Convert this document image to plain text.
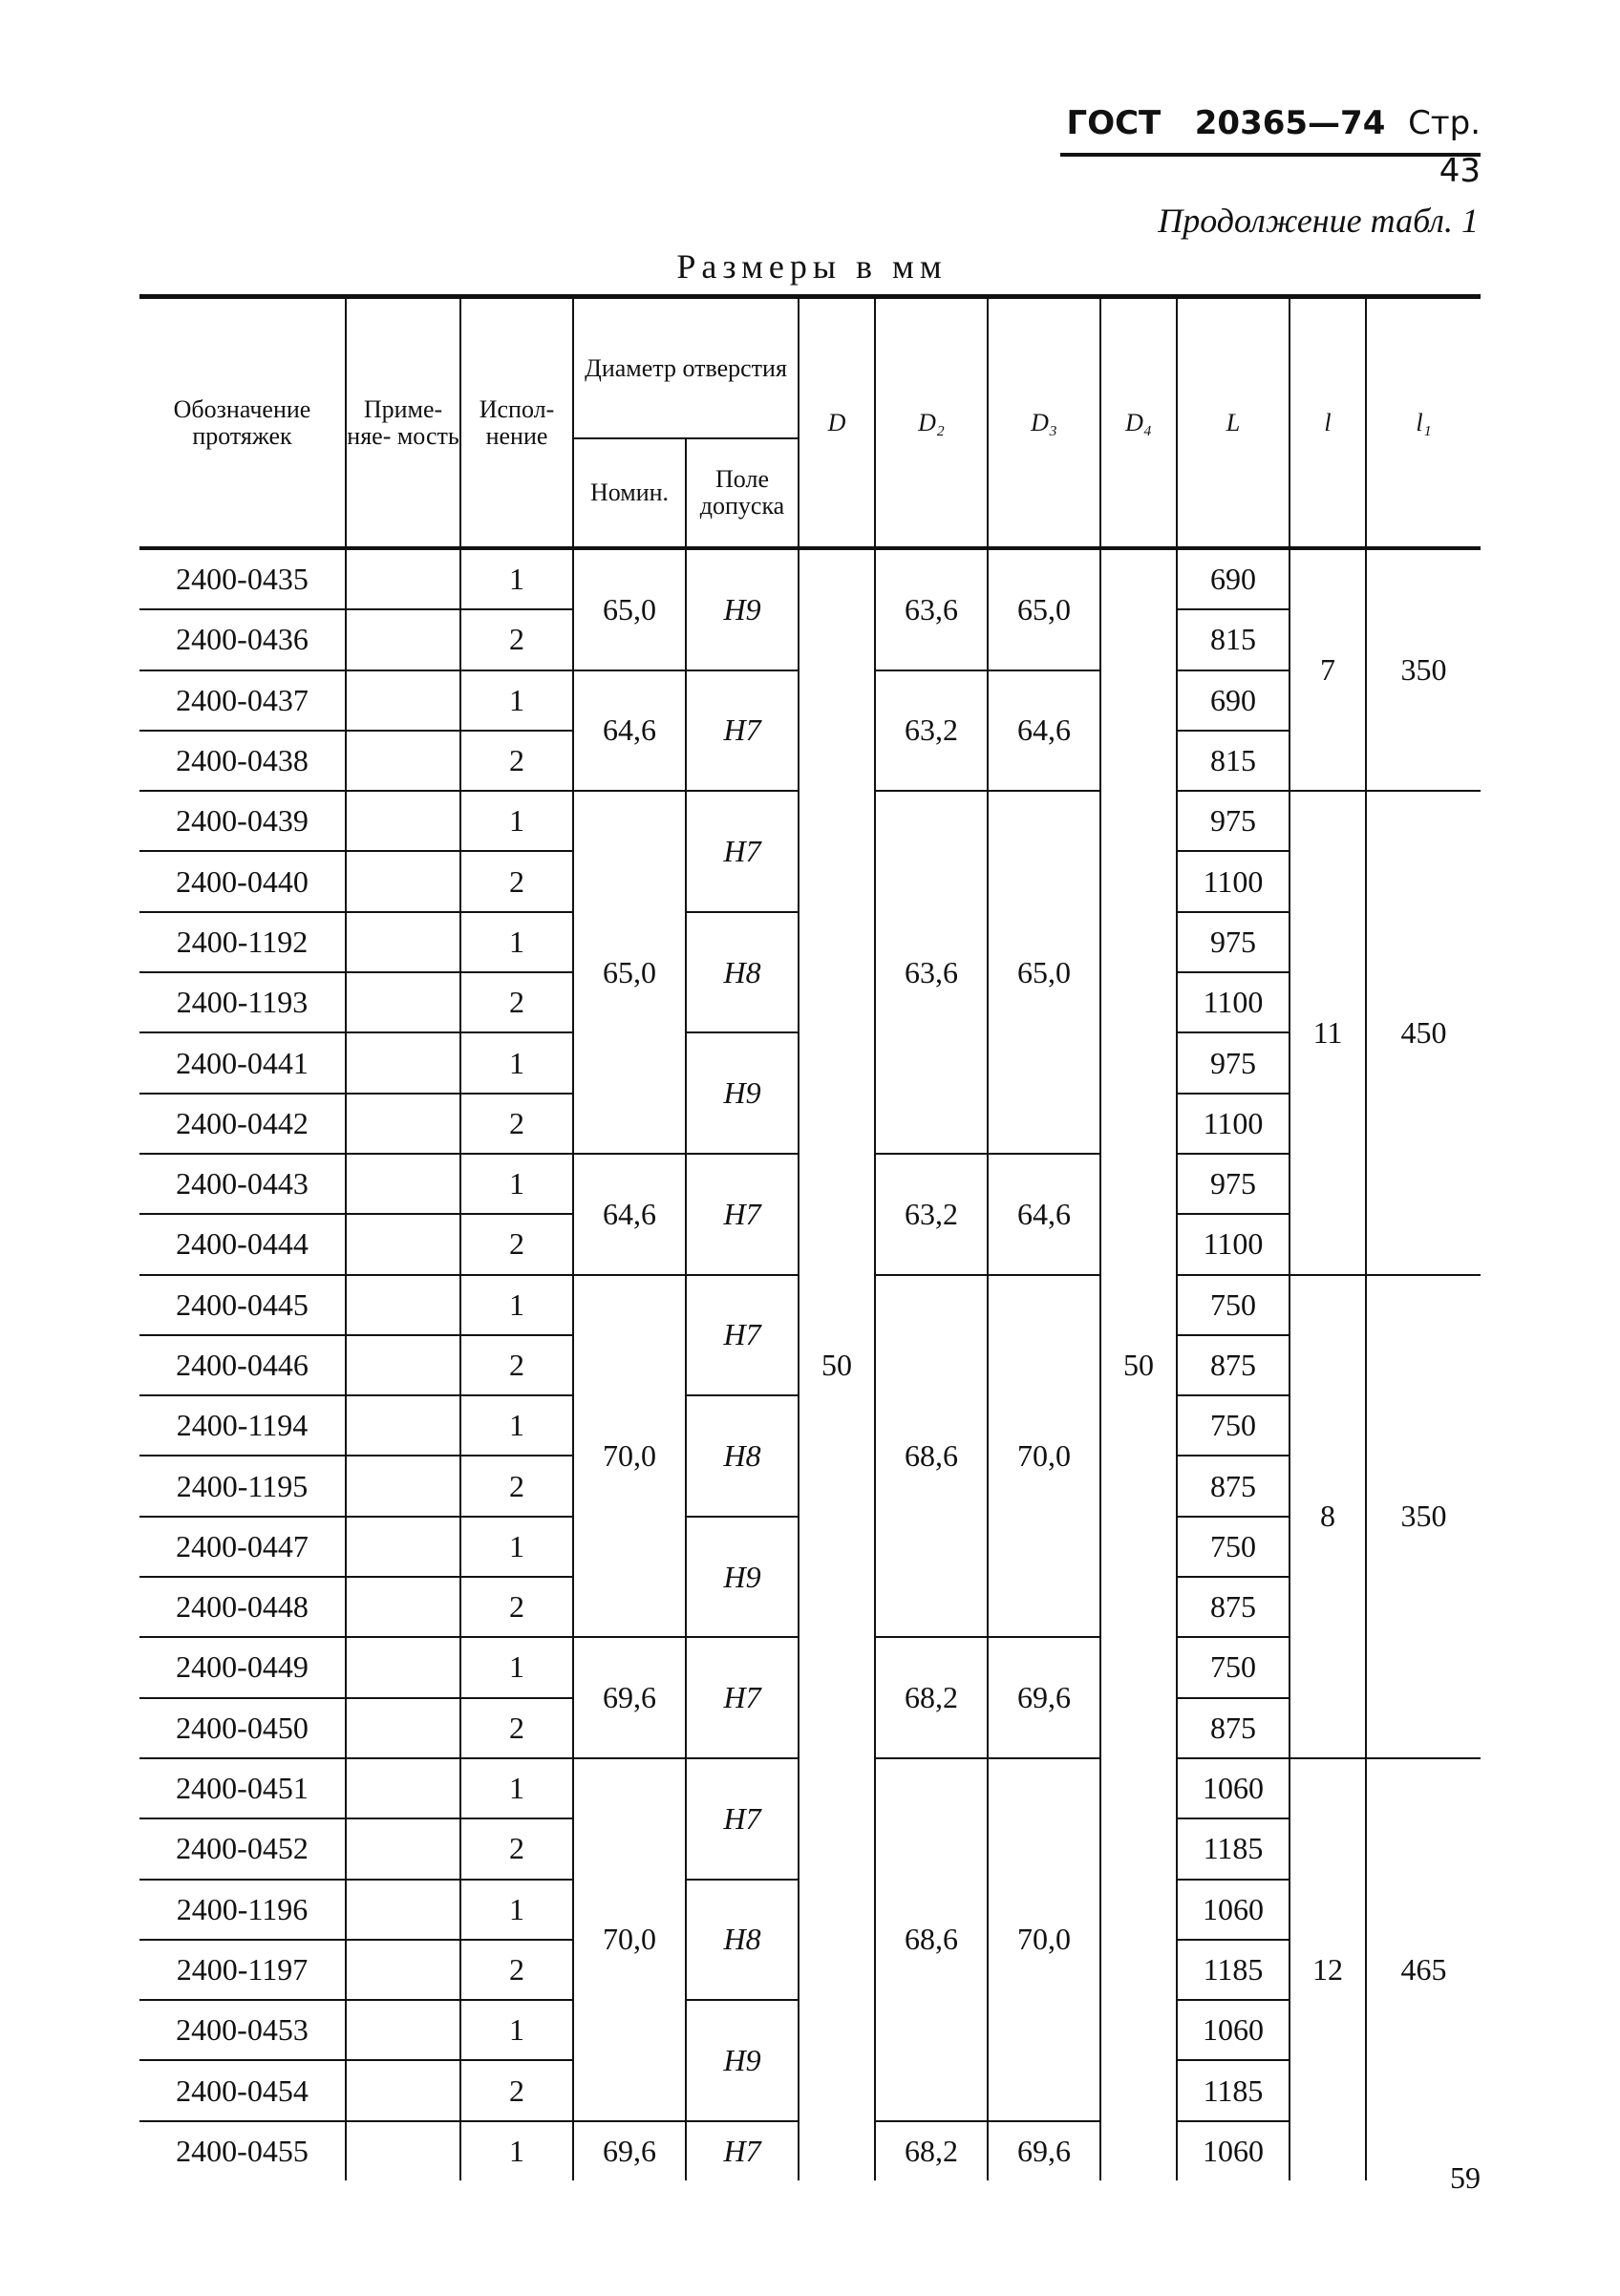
ГОСТ 20365—74 Стр. 43
Продолжение табл. 1
Размеры в мм
Обозначение протяжек	Приме- няе- мость	Испол- нение	Диаметр отверстия		D	D₂	D₃	D₄	L	l	l₁
			Номин.	Поле допуска							
2400-0435		1	65,0	H9	50	63,6	65,0	50	690	7	350
2400-0436		2							815		
2400-0437		1	64,6	H7		63,2	64,6		690		
2400-0438		2							815		
2400-0439		1	65,0	H7		63,6	65,0		975	11	450
2400-0440		2							1100		
2400-1192		1		H8					975		
2400-1193		2							1100		
2400-0441		1		H9					975		
2400-0442		2							1100		
2400-0443		1	64,6	H7		63,2	64,6		975		
2400-0444		2							1100		
2400-0445		1	70,0	H7		68,6	70,0		750	8	350
2400-0446		2							875		
2400-1194		1		H8					750		
2400-1195		2							875		
2400-0447		1		H9					750		
2400-0448		2							875		
2400-0449		1	69,6	H7		68,2	69,6		750		
2400-0450		2							875		
2400-0451		1	70,0	H7		68,6	70,0		1060	12	465
2400-0452		2							1185		
2400-1196		1		H8					1060		
2400-1197		2							1185		
2400-0453		1		H9					1060		
2400-0454		2							1185		
2400-0455		1	69,6	H7		68,2	69,6		1060		
59
